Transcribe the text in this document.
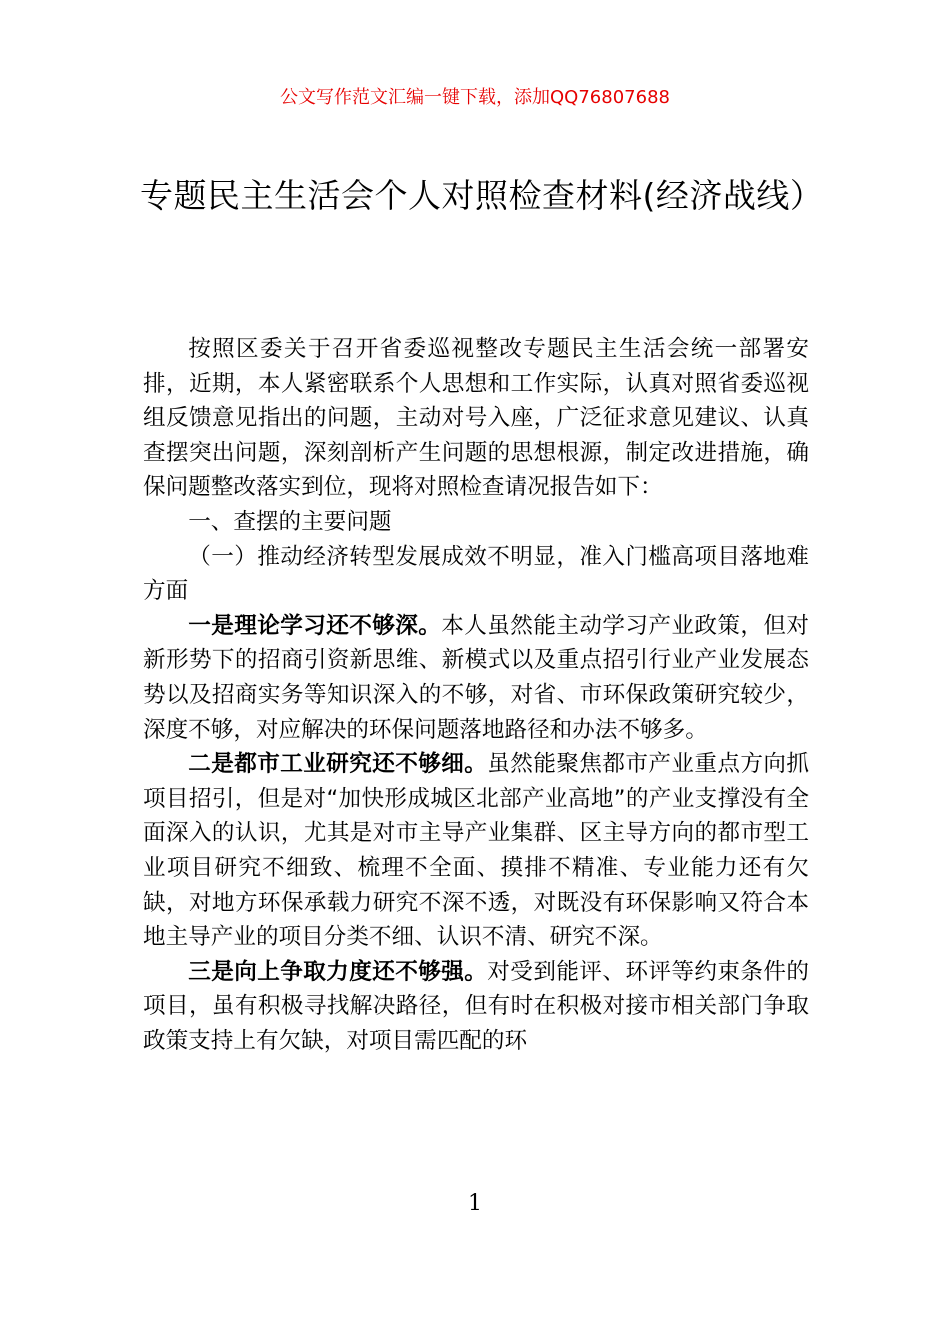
公文写作范文汇编一键下载，添加QQ76807688
专题民主生活会个人对照检查材料(经济战线）

按照区委关于召开省委巡视整改专题民主生活会统一部署安排，近期，本人紧密联系个人思想和工作实际，认真对照省委巡视组反馈意见指出的问题，主动对号入座，广泛征求意见建议、认真查摆突出问题，深刻剖析产生问题的思想根源，制定改进措施，确保问题整改落实到位，现将对照检查请况报告如下：

一、查摆的主要问题

（一）推动经济转型发展成效不明显，准入门槛高项目落地难方面

一是理论学习还不够深。本人虽然能主动学习产业政策，但对新形势下的招商引资新思维、新模式以及重点招引行业产业发展态势以及招商实务等知识深入的不够，对省、市环保政策研究较少，深度不够，对应解决的环保问题落地路径和办法不够多。

二是都市工业研究还不够细。虽然能聚焦都市产业重点方向抓项目招引，但是对“加快形成城区北部产业高地”的产业支撑没有全面深入的认识，尤其是对市主导产业集群、区主导方向的都市型工业项目研究不细致、梳理不全面、摸排不精准、专业能力还有欠缺，对地方环保承载力研究不深不透，对既没有环保影响又符合本地主导产业的项目分类不细、认识不清、研究不深。

三是向上争取力度还不够强。对受到能评、环评等约束条件的项目，虽有积极寻找解决路径，但有时在积极对接市相关部门争取政策支持上有欠缺，对项目需匹配的环

1
